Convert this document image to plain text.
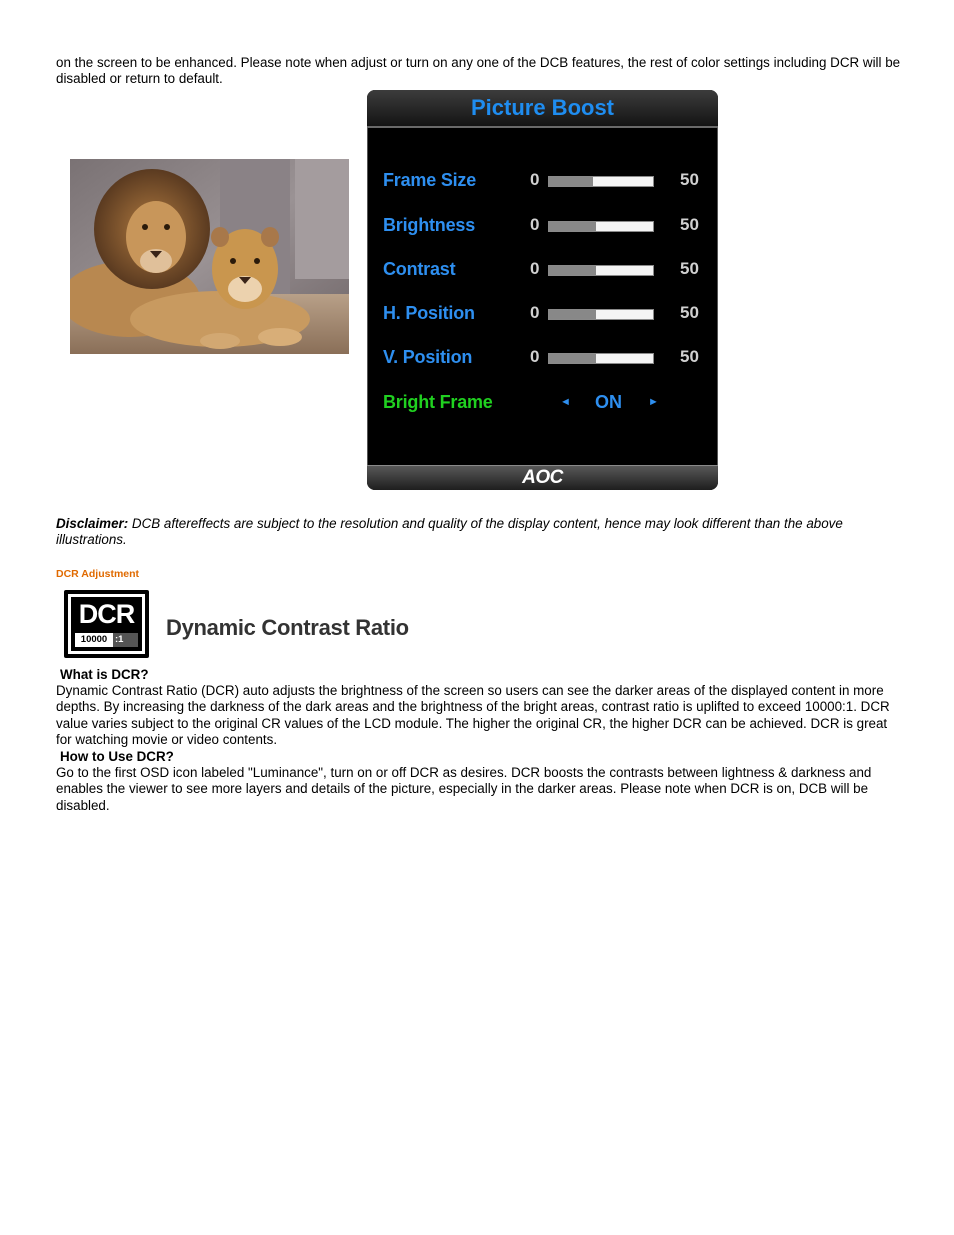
on the screen to be enhanced. Please note when adjust or turn on any one of the DCB features, the rest of color settings including DCR will be disabled or return to default.

Picture Boost
Frame Size	0	50
Brightness	0	50
Contrast	0	50
H. Position	0	50
V. Position	0	50
Bright Frame	◄ ON ►
AOC

Disclaimer: DCB aftereffects are subject to the resolution and quality of the display content, hence may look different than the above illustrations.

DCR Adjustment
DCR
10000 :1	Dynamic Contrast Ratio

What is DCR?

Dynamic Contrast Ratio (DCR) auto adjusts the brightness of the screen so users can see the darker areas of the displayed content in more depths. By increasing the darkness of the dark areas and the brightness of the bright areas, contrast ratio is uplifted to exceed 10000:1. DCR value varies subject to the original CR values of the LCD module. The higher the original CR, the higher DCR can be achieved. DCR is great for watching movie or video contents.

How to Use DCR?

Go to the first OSD icon labeled "Luminance", turn on or off DCR as desires. DCR boosts the contrasts between lightness & darkness and enables the viewer to see more layers and details of the picture, especially in the darker areas. Please note when DCR is on, DCB will be disabled.
